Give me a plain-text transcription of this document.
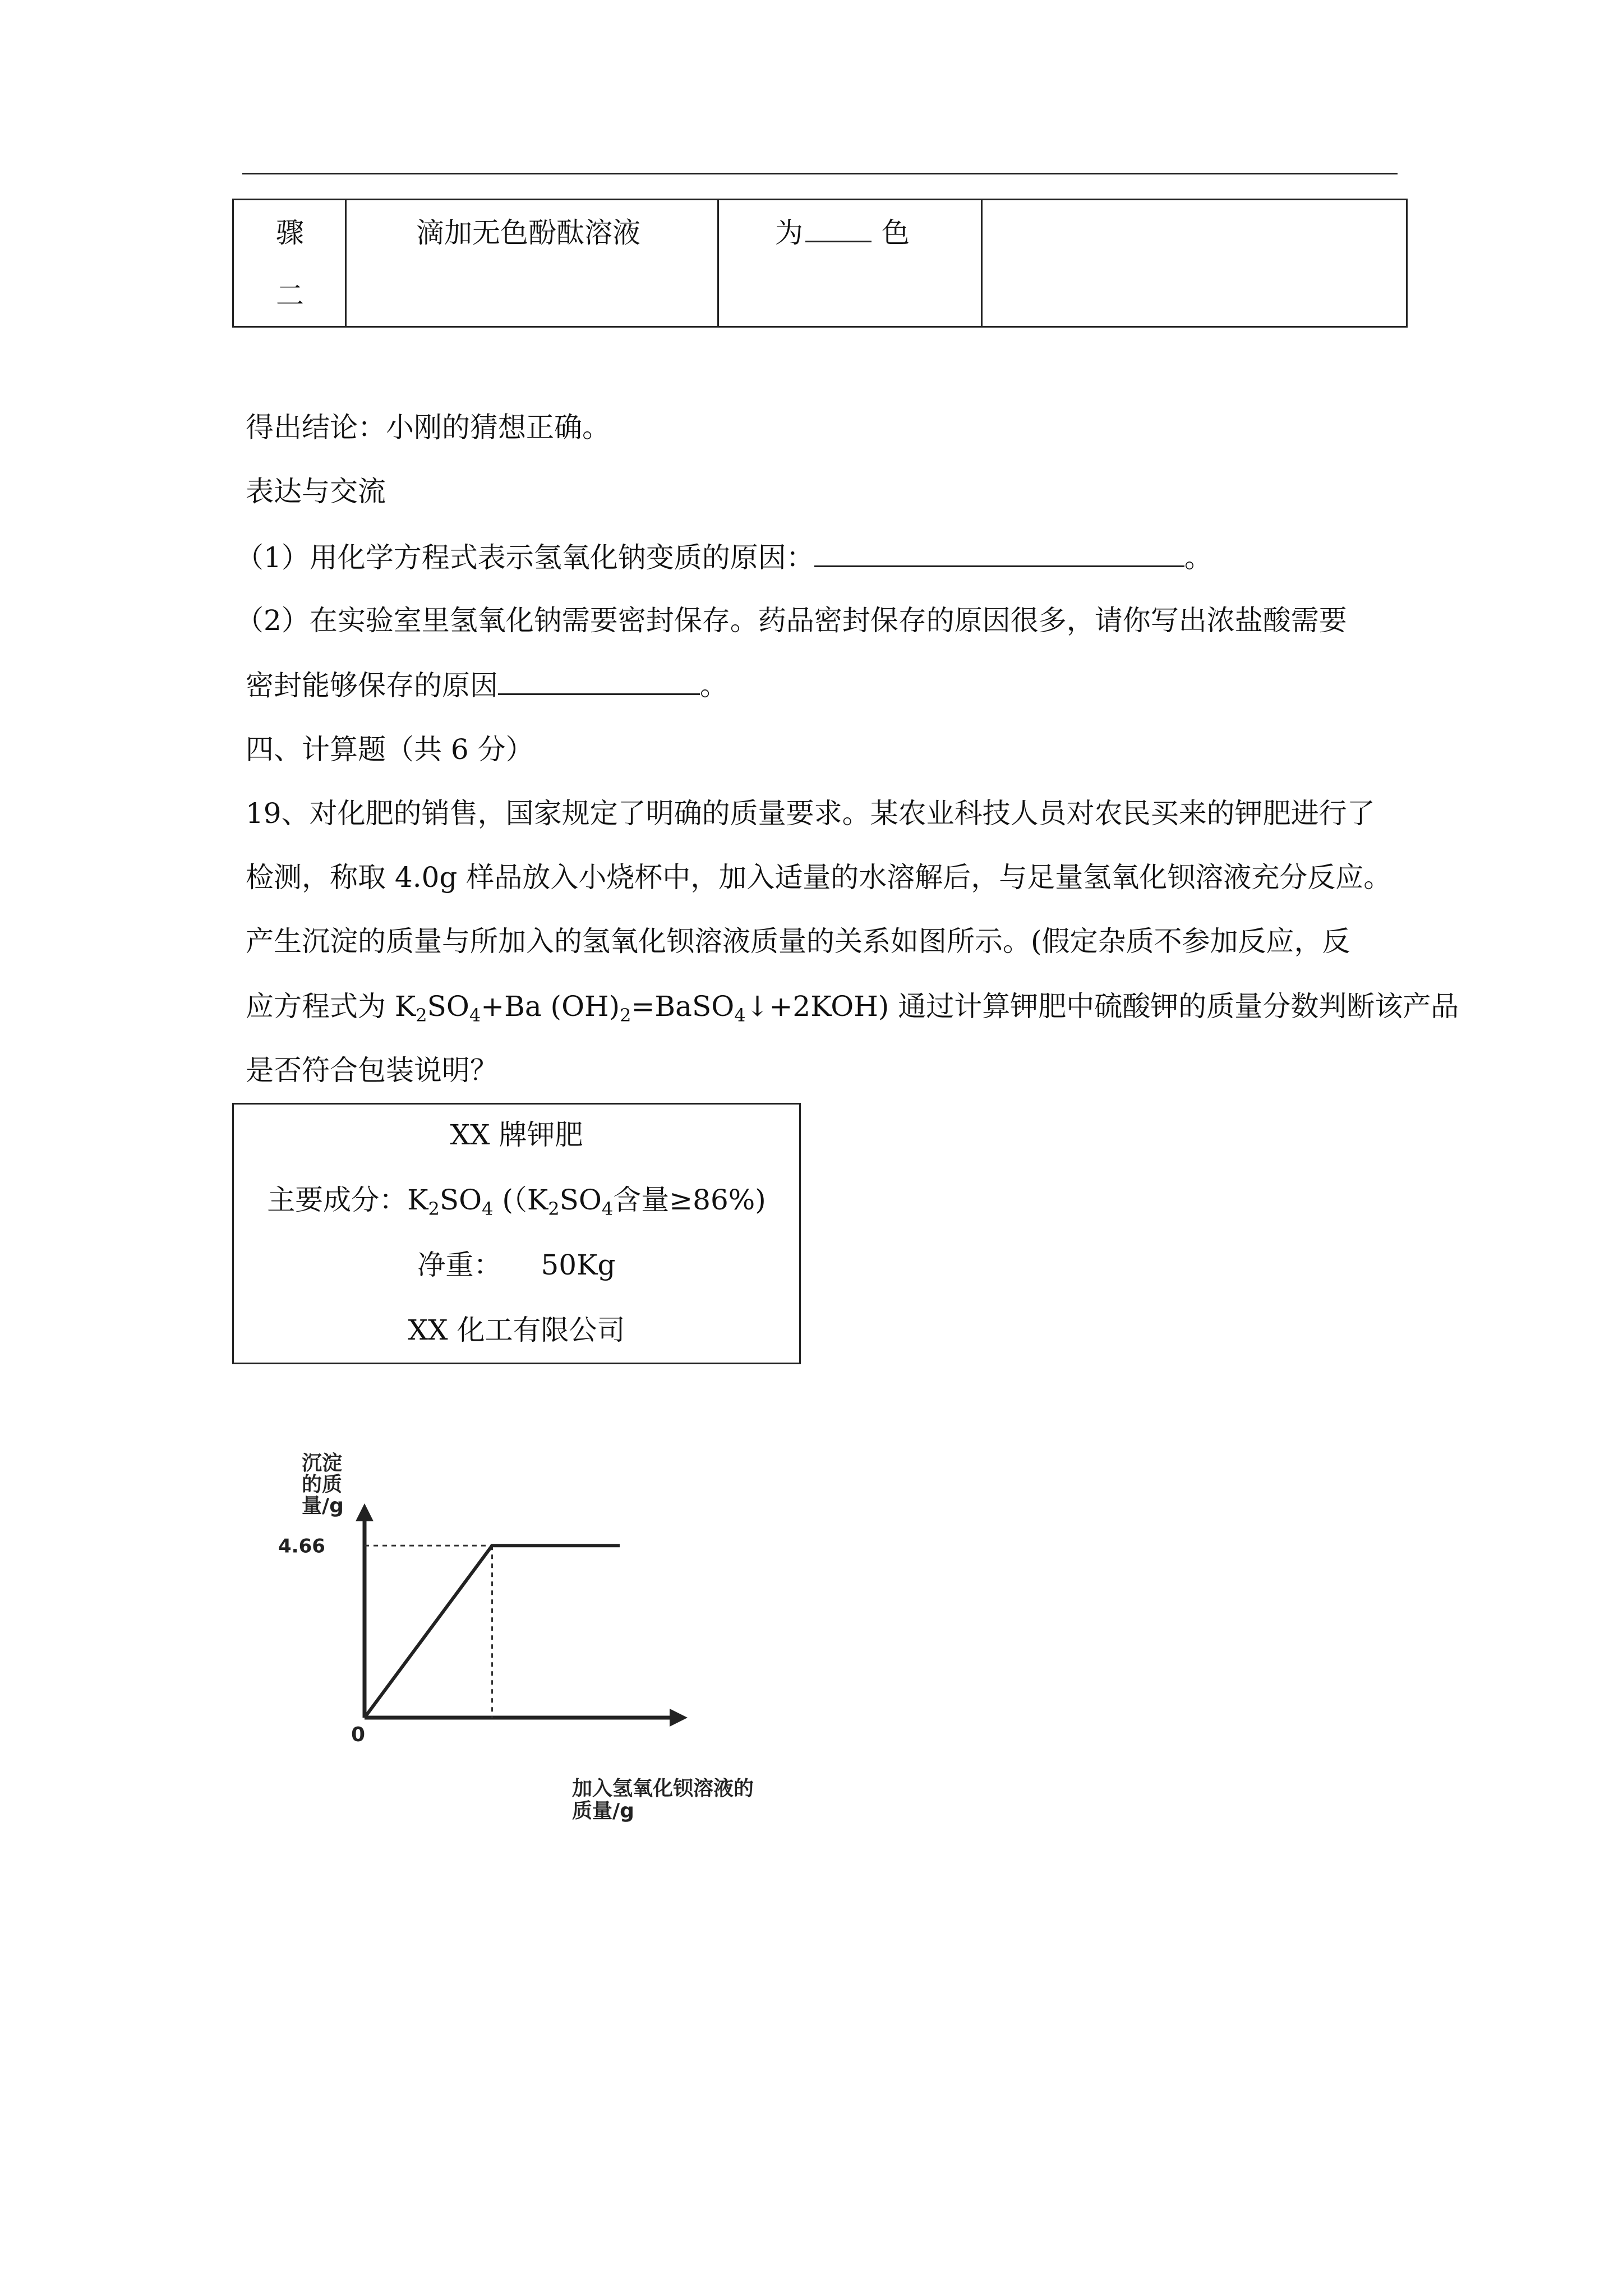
骤
二
滴加无色酚酞溶液	为	色
得出结论：小刚的猜想正确。
表达与交流
（1）用化学方程式表示氢氧化钠变质的原因：	。
（2）在实验室里氢氧化钠需要密封保存。药品密封保存的原因很多，请你写出浓盐酸需要
密封能够保存的原因	。
四、计算题（共 6 分）
19、对化肥的销售，国家规定了明确的质量要求。某农业科技人员对农民买来的钾肥进行了
检测，称取 4.0g 样品放入小烧杯中，加入适量的水溶解后，与足量氢氧化钡溶液充分反应。
产生沉淀的质量与所加入的氢氧化钡溶液质量的关系如图所示。(假定杂质不参加反应，反
应方程式为 $K_2SO_4+Ba$ $(OH)_2=BaSO_4↓+2KOH$) 通过计算钾肥中硫酸钾的质量分数判断该产品
是否符合包装说明？
XX 牌钾肥
主要成分：$K_2SO_4$ (（$K_2SO_4$含量≥86%)
净重： 50Kg
XX 化工有限公司
沉淀
的质
量/g
4.66
0
加入氢氧化钡溶液的
质量/g
